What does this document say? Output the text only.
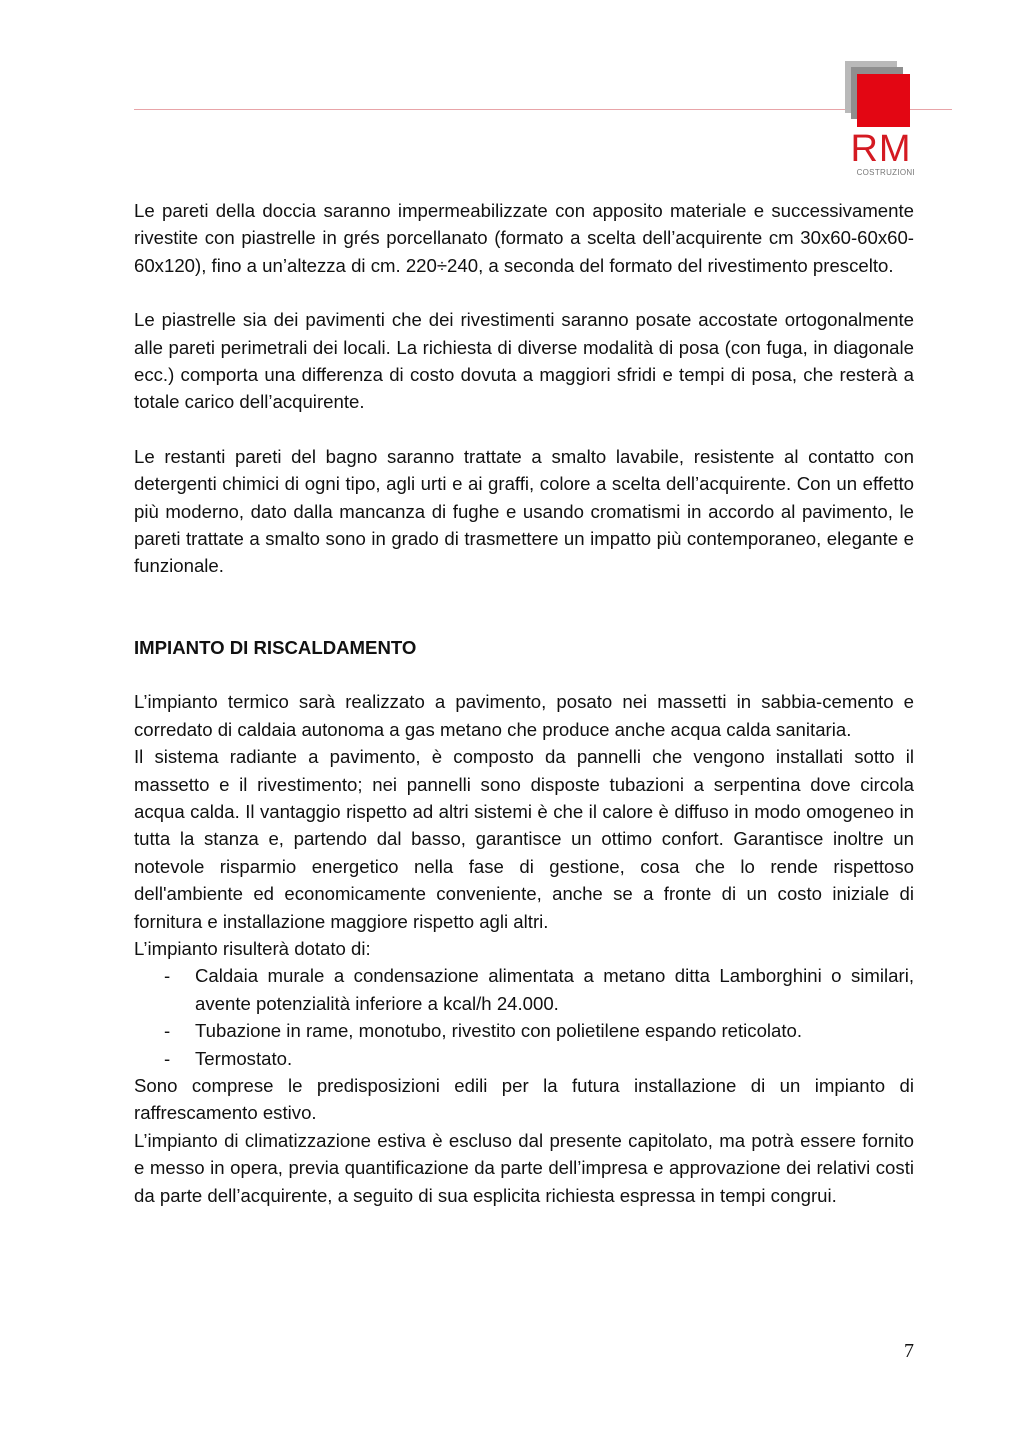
RM
COSTRUZIONI

Le pareti della doccia saranno impermeabilizzate con apposito materiale e successivamente rivestite con piastrelle in grés porcellanato (formato a scelta dell’acquirente cm 30x60-60x60-60x120), fino a un’altezza di cm. 220÷240, a seconda del formato del rivestimento prescelto.

Le piastrelle sia dei pavimenti che dei rivestimenti saranno posate accostate ortogonalmente alle pareti perimetrali dei locali. La richiesta di diverse modalità di posa (con fuga, in diagonale ecc.) comporta una differenza di costo dovuta a maggiori sfridi e tempi di posa, che resterà a totale carico dell’acquirente.

Le restanti pareti del bagno saranno trattate a smalto lavabile, resistente al contatto con detergenti chimici di ogni tipo, agli urti e ai graffi, colore a scelta dell’acquirente. Con un effetto più moderno, dato dalla mancanza di fughe e usando cromatismi in accordo al pavimento, le pareti trattate a smalto sono in grado di trasmettere un impatto più contemporaneo, elegante e funzionale.

IMPIANTO DI RISCALDAMENTO

L’impianto termico sarà realizzato a pavimento, posato nei massetti in sabbia-cemento e corredato di caldaia autonoma a gas metano che produce anche acqua calda sanitaria.

Il sistema radiante a pavimento, è composto da pannelli che vengono installati sotto il massetto e il rivestimento; nei pannelli sono disposte tubazioni a serpentina dove circola acqua calda. Il vantaggio rispetto ad altri sistemi è che il calore è diffuso in modo omogeneo in tutta la stanza e, partendo dal basso, garantisce un ottimo confort. Garantisce inoltre un notevole risparmio energetico nella fase di gestione, cosa che lo rende rispettoso dell'ambiente ed economicamente conveniente, anche se a fronte di un costo iniziale di fornitura e installazione maggiore rispetto agli altri.

L’impianto risulterà dotato di:

- Caldaia murale a condensazione alimentata a metano ditta Lamborghini o similari, avente potenzialità inferiore a kcal/h 24.000.
- Tubazione in rame, monotubo, rivestito con polietilene espando reticolato.
- Termostato.

Sono comprese le predisposizioni edili per la futura installazione di un impianto di raffrescamento estivo.

L’impianto di climatizzazione estiva è escluso dal presente capitolato, ma potrà essere fornito e messo in opera, previa quantificazione da parte dell’impresa e approvazione dei relativi costi da parte dell’acquirente, a seguito di sua esplicita richiesta espressa in tempi congrui.

7
